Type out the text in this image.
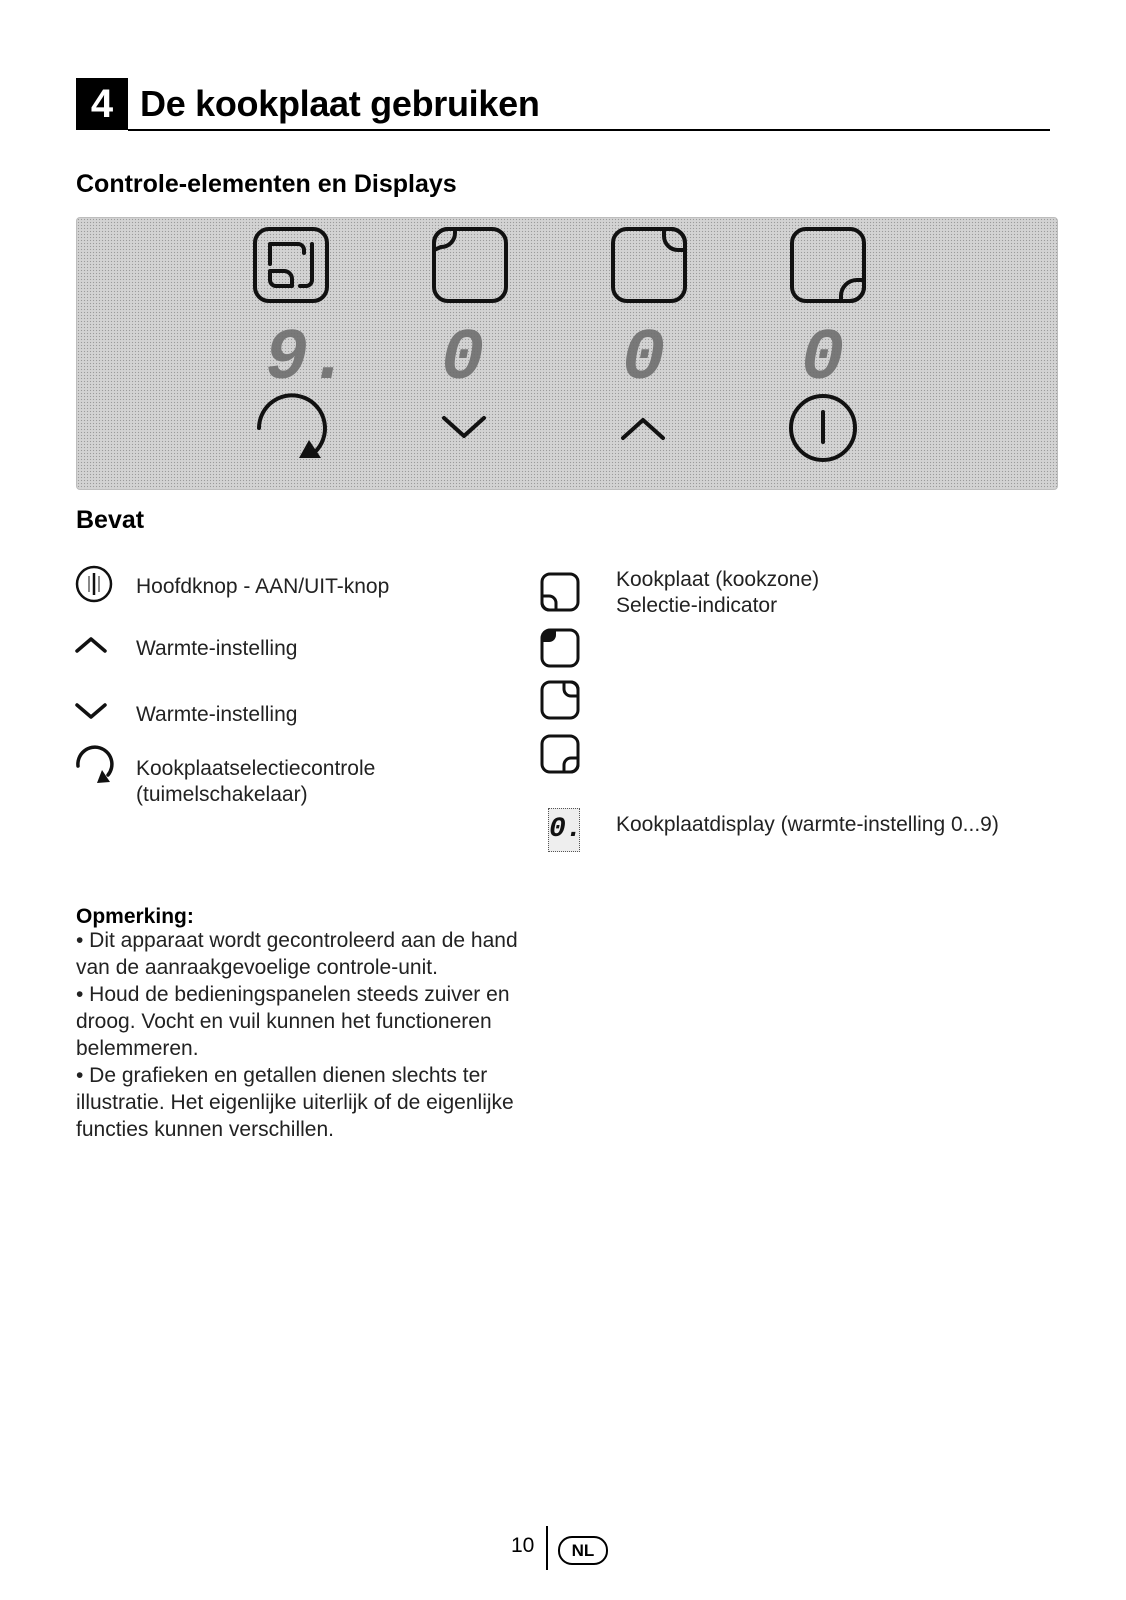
4 De kookplaat gebruiken
Controle-elementen en Displays
9. 0 0 0
Bevat
Hoofdknop - AAN/UIT-knop
Warmte-instelling
Warmte-instelling
Kookplaatselectiecontrole
(tuimelschakelaar)
Kookplaat (kookzone)
Selectie-indicator
0. Kookplaatdisplay (warmte-instelling 0...9)
Opmerking:
• Dit apparaat wordt gecontroleerd aan de hand van de aanraakgevoelige controle-unit.
• Houd de bedieningspanelen steeds zuiver en droog. Vocht en vuil kunnen het functioneren belemmeren.
• De grafieken en getallen dienen slechts ter illustratie. Het eigenlijke uiterlijk of de eigenlijke functies kunnen verschillen.
10	NL
